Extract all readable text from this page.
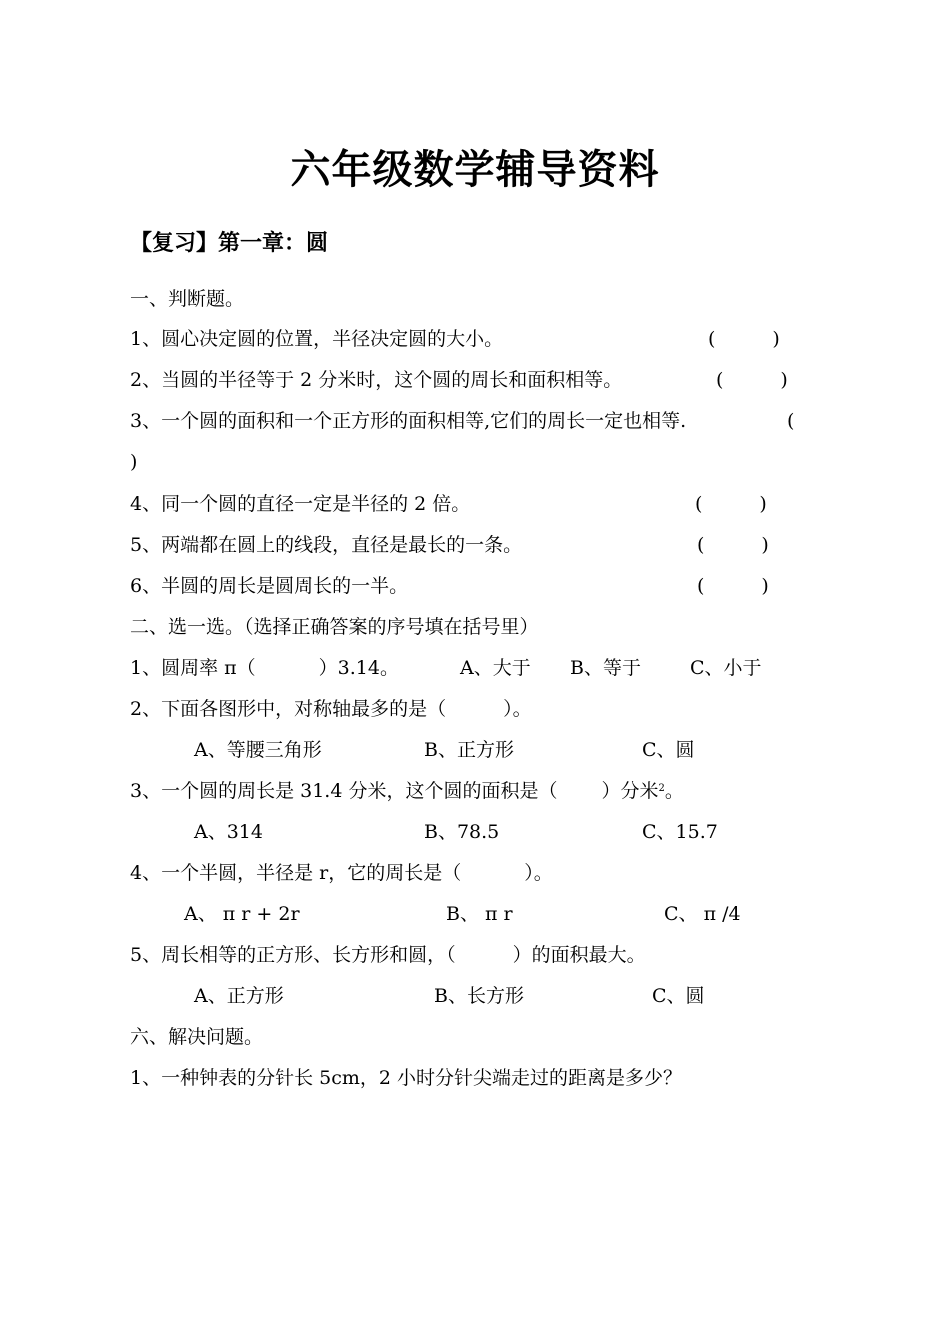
六年级数学辅导资料
【复习】第一章：圆
一、判断题。
1、圆心决定圆的位置，半径决定圆的大小。	(　　　)
2、当圆的半径等于 2 分米时，这个圆的周长和面积相等。	(　　　)
3、一个圆的面积和一个正方形的面积相等,它们的周长一定也相等.	(
)
4、同一个圆的直径一定是半径的 2 倍。	(　　　)
5、两端都在圆上的线段，直径是最长的一条。	(　　　)
6、半圆的周长是圆周长的一半。	(　　　)
二、选一选。（选择正确答案的序号填在括号里）
1、圆周率 π（　　　 ）3.14。	A、大于 B、等于	C、小于
2、下面各图形中，对称轴最多的是（　　　）。
A、等腰三角形	B、正方形	C、圆
3、一个圆的周长是 31.4 分米，这个圆的面积是（　　 ）分米$^2$。
A、314	B、78.5	C、15.7
4、一个半圆，半径是 r，它的周长是（　　　 ）。
A、 π r + 2r	B、 π r	C、 π /4
5、周长相等的正方形、长方形和圆，（　　　）的面积最大。
A、正方形	B、长方形	C、圆
六、解决问题。
1、一种钟表的分针长 5cm，2 小时分针尖端走过的距离是多少？
